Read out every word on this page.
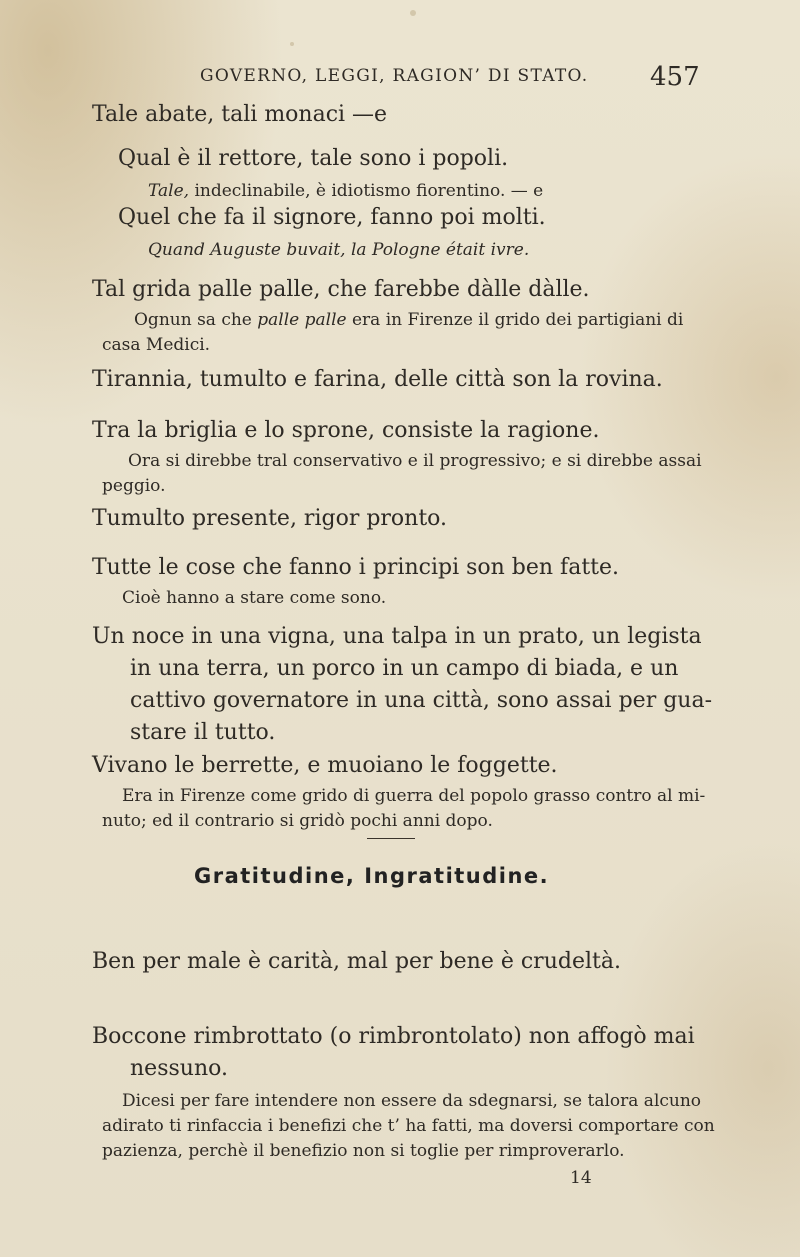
GOVERNO, LEGGI, RAGION’ DI STATO. 457
Tale abate, tali monaci —e
Qual è il rettore, tale sono i popoli.
Tale, indeclinabile, è idiotismo fiorentino. — e
Quel che fa il signore, fanno poi molti.
Quand Auguste buvait, la Pologne était ivre.
Tal grida palle palle, che farebbe dàlle dàlle.
Ognun sa che palle palle era in Firenze il grido dei partigiani di
casa Medici.
Tirannia, tumulto e farina, delle città son la rovina.
Tra la briglia e lo sprone, consiste la ragione.
Ora si direbbe tral conservativo e il progressivo; e si direbbe assai
peggio.
Tumulto presente, rigor pronto.
Tutte le cose che fanno i principi son ben fatte.
Cioè hanno a stare come sono.
Un noce in una vigna, una talpa in un prato, un legista
in una terra, un porco in un campo di biada, e un
cattivo governatore in una città, sono assai per gua-
stare il tutto.
Vivano le berrette, e muoiano le foggette.
Era in Firenze come grido di guerra del popolo grasso contro al mi-
nuto; ed il contrario si gridò pochi anni dopo.
Gratitudine, Ingratitudine.
Ben per male è carità, mal per bene è crudeltà.
Boccone rimbrottato (o rimbrontolato) non affogò mai
nessuno.
Dicesi per fare intendere non essere da sdegnarsi, se talora alcuno
adirato ti rinfaccia i benefizi che t’ ha fatti, ma doversi comportare con
pazienza, perchè il benefizio non si toglie per rimproverarlo.
14
